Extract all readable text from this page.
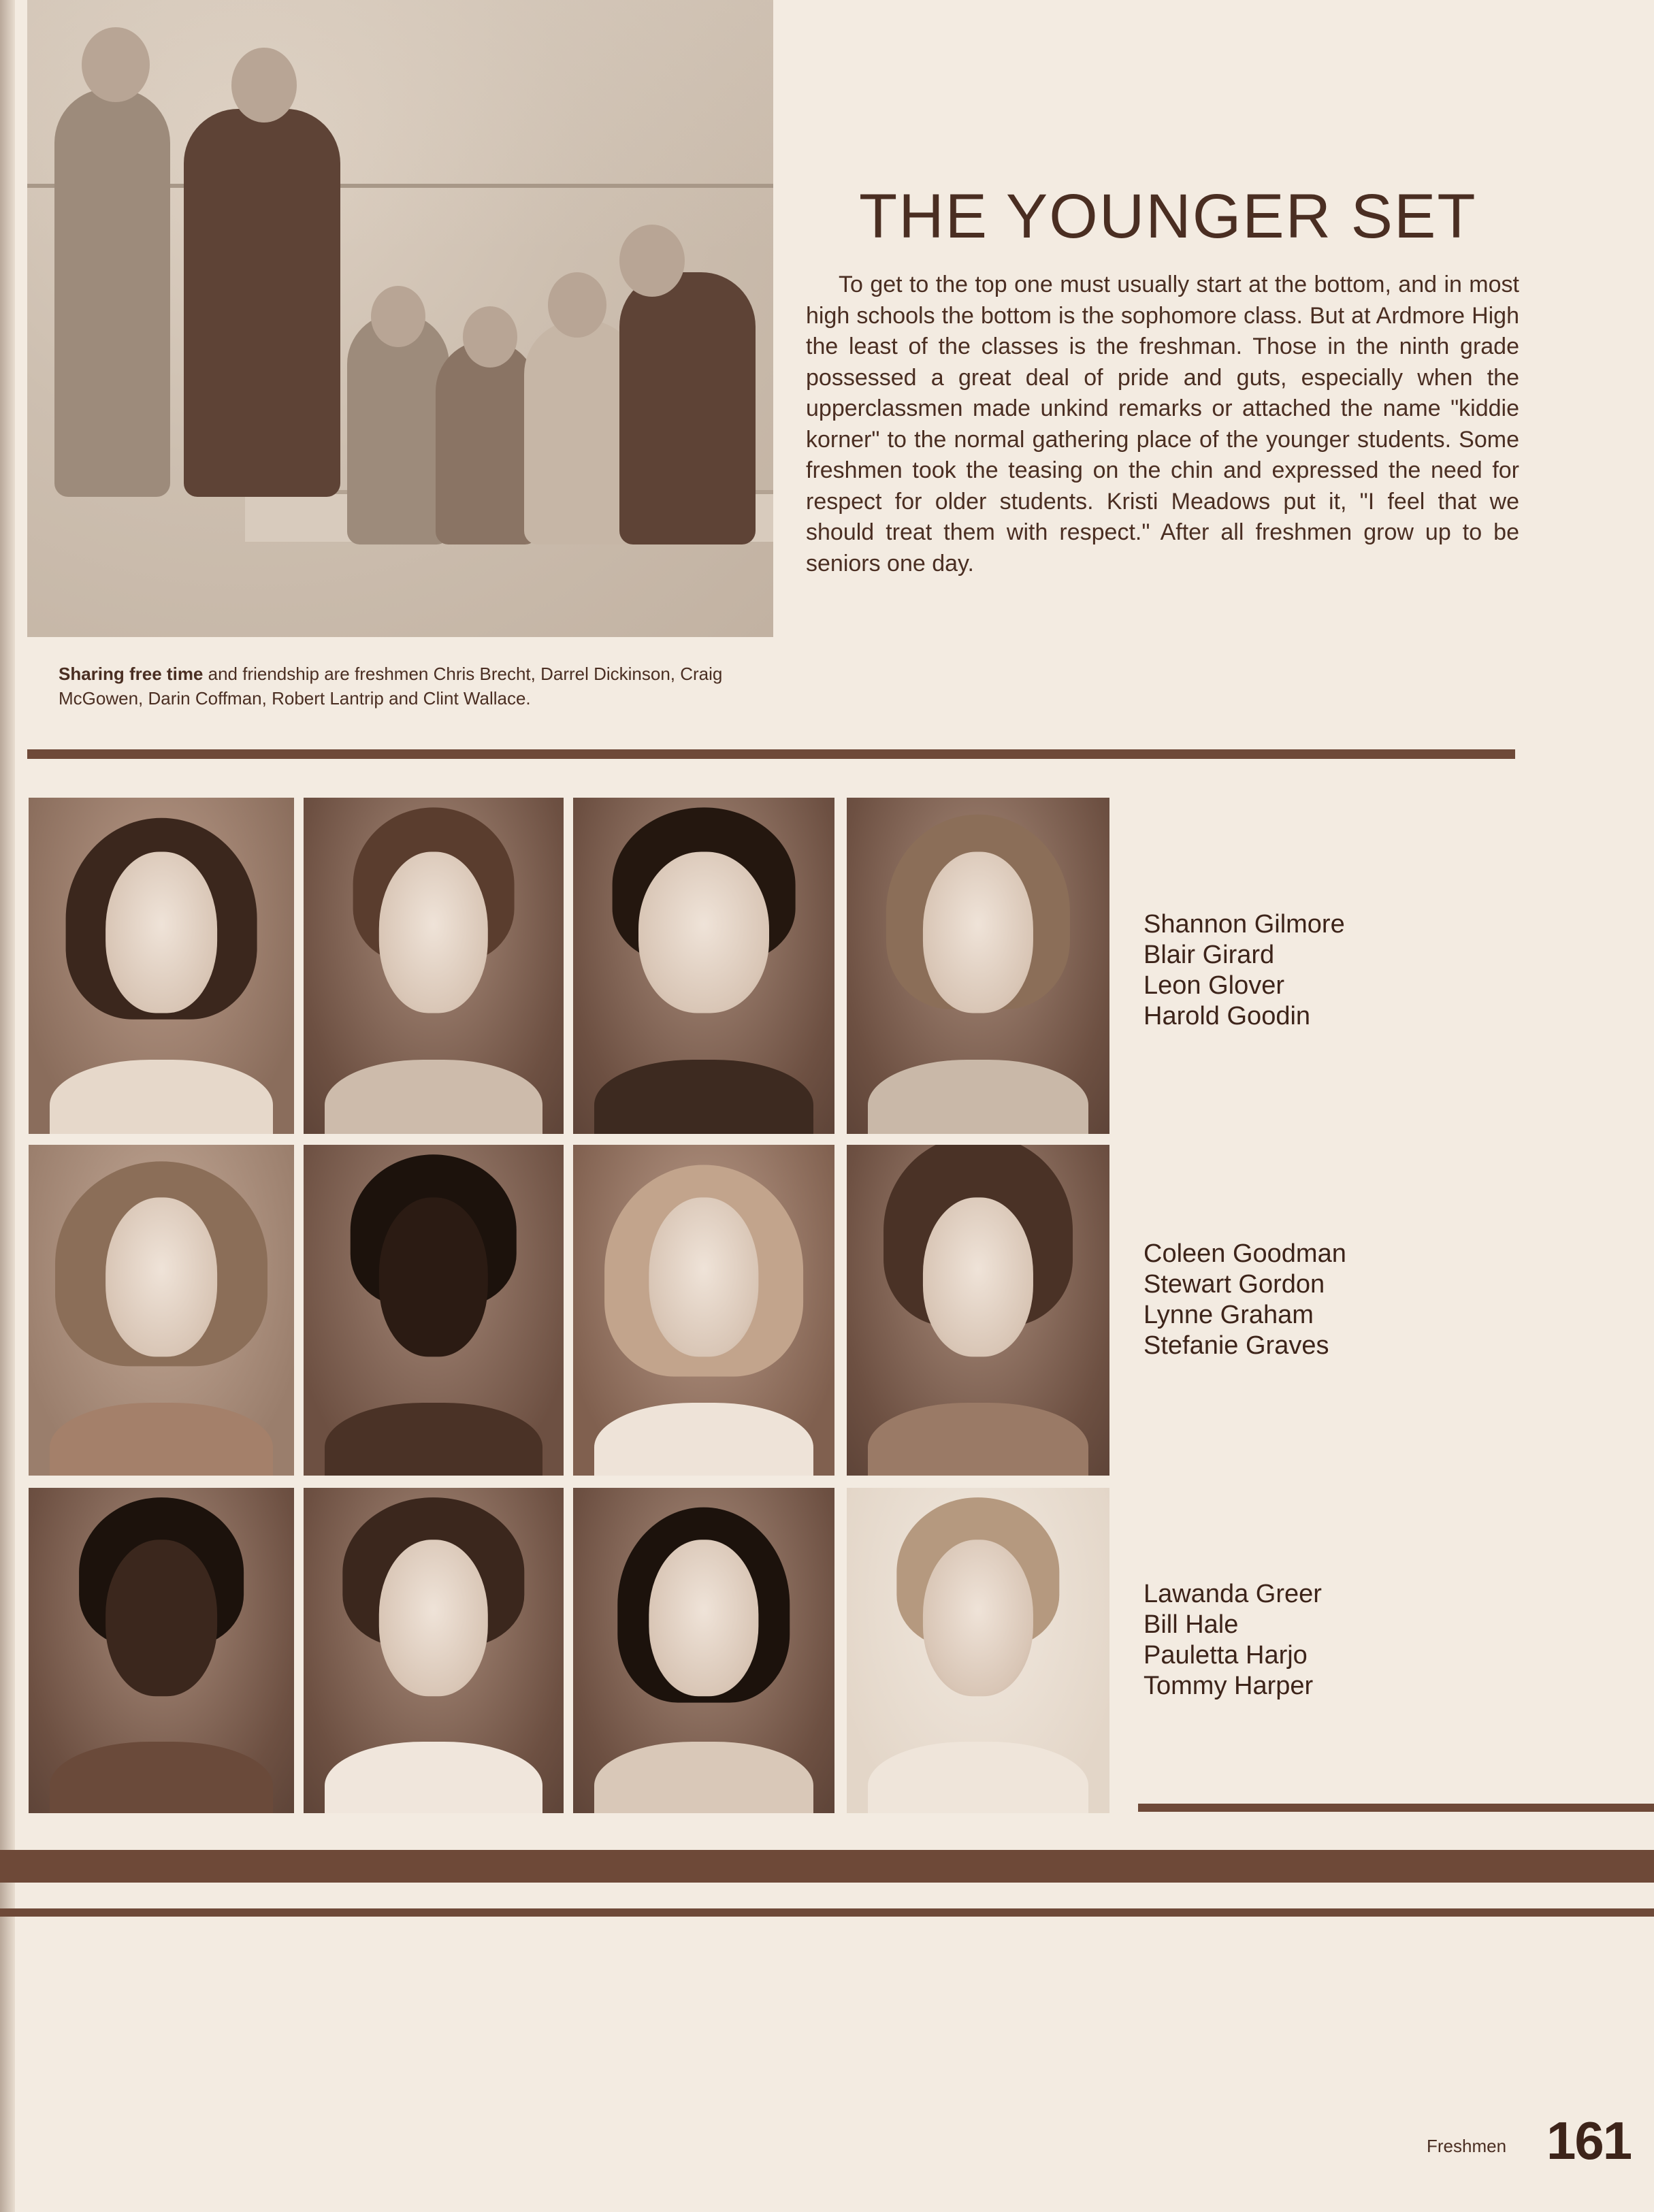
Sharing free time and friendship are freshmen Chris Brecht, Darrel Dickinson, Craig McGowen, Darin Coffman, Robert Lantrip and Clint Wallace.
THE YOUNGER SET
To get to the top one must usually start at the bottom, and in most high schools the bottom is the sophomore class. But at Ardmore High the least of the classes is the freshman. Those in the ninth grade possessed a great deal of pride and guts, especially when the upperclassmen made unkind remarks or attached the name "kiddie korner" to the normal gathering place of the younger students. Some freshmen took the teasing on the chin and expressed the need for respect for older students. Kristi Meadows put it, "I feel that we should treat them with respect." After all freshmen grow up to be seniors one day.
Shannon Gilmore
Blair Girard
Leon Glover
Harold Goodin
Coleen Goodman
Stewart Gordon
Lynne Graham
Stefanie Graves
Lawanda Greer
Bill Hale
Pauletta Harjo
Tommy Harper
Freshmen 161
